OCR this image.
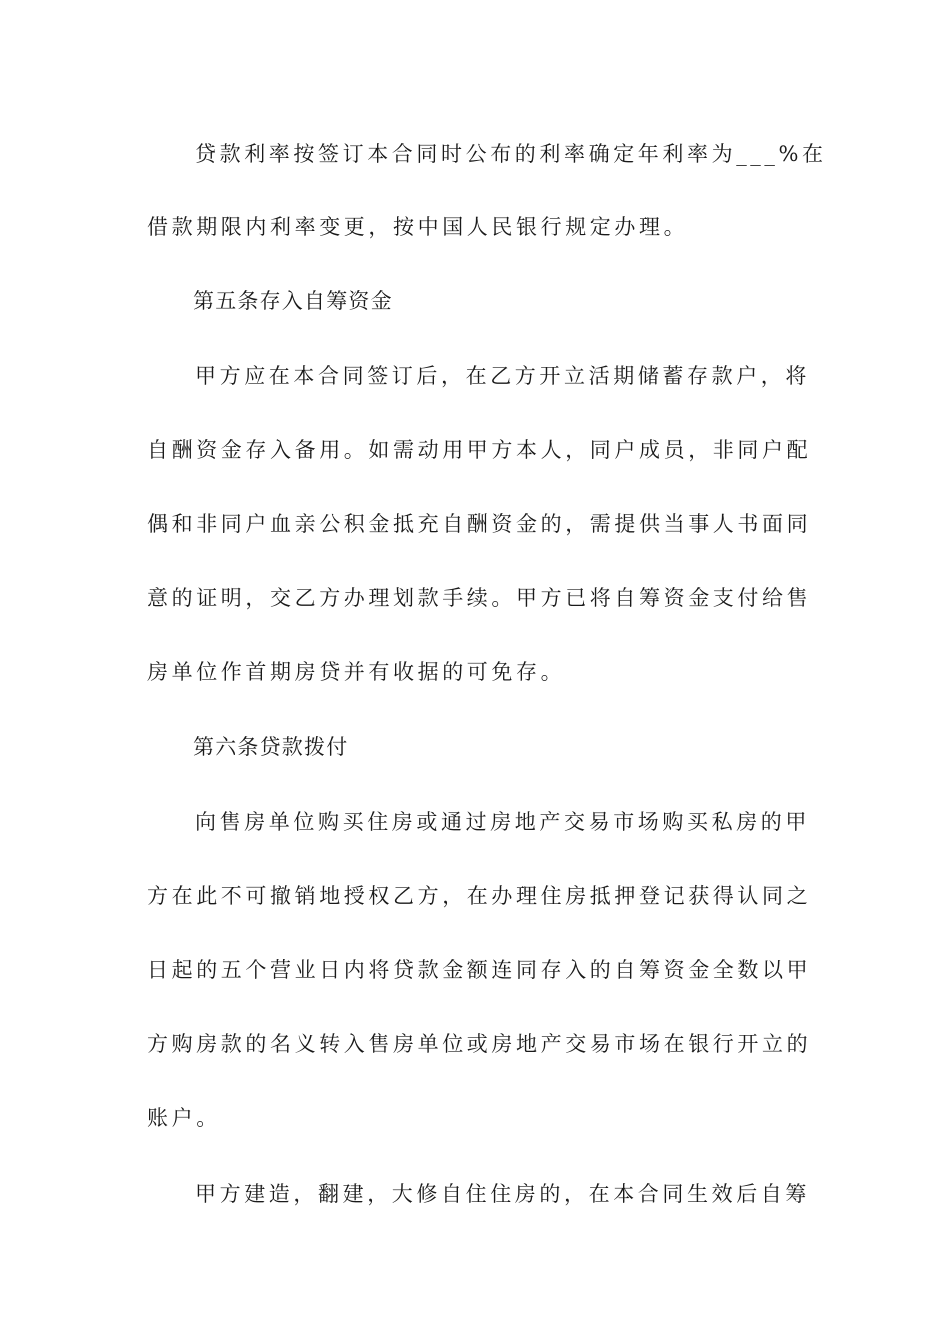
贷款利率按签订本合同时公布的利率确定年利率为___%在
借款期限内利率变更，按中国人民银行规定办理。
第五条存入自筹资金
甲方应在本合同签订后，在乙方开立活期储蓄存款户，将
自酬资金存入备用。如需动用甲方本人，同户成员，非同户配
偶和非同户血亲公积金抵充自酬资金的，需提供当事人书面同
意的证明，交乙方办理划款手续。甲方已将自筹资金支付给售
房单位作首期房贷并有收据的可免存。
第六条贷款拨付
向售房单位购买住房或通过房地产交易市场购买私房的甲
方在此不可撤销地授权乙方，在办理住房抵押登记获得认同之
日起的五个营业日内将贷款金额连同存入的自筹资金全数以甲
方购房款的名义转入售房单位或房地产交易市场在银行开立的
账户。
甲方建造，翻建，大修自住住房的，在本合同生效后自筹
